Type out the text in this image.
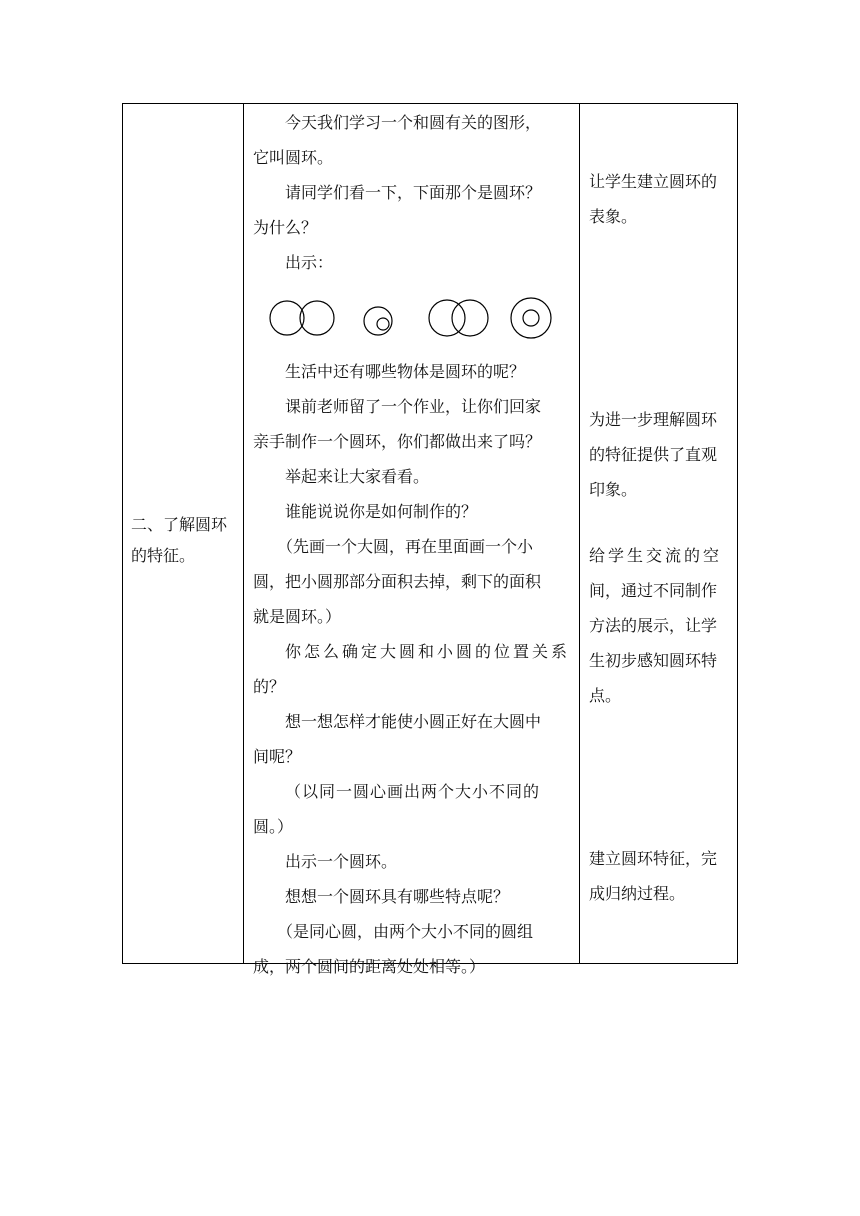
二、了解圆环
的特征。
今天我们学习一个和圆有关的图形，
它叫圆环。
请同学们看一下，下面那个是圆环？
为什么？
出示：
生活中还有哪些物体是圆环的呢？
课前老师留了一个作业，让你们回家
亲手制作一个圆环，你们都做出来了吗？
举起来让大家看看。
谁能说说你是如何制作的？
（先画一个大圆，再在里面画一个小
圆，把小圆那部分面积去掉，剩下的面积
就是圆环。）
你怎么确定大圆和小圆的位置关系
的？
想一想怎样才能使小圆正好在大圆中
间呢？
（以同一圆心画出两个大小不同的
圆。）
出示一个圆环。
想想一个圆环具有哪些特点呢？
（是同心圆，由两个大小不同的圆组
成，两个圆间的距离处处相等。）
让学生建立圆环的
表象。
为进一步理解圆环
的特征提供了直观
印象。
给学生交流的空
间，通过不同制作
方法的展示，让学
生初步感知圆环特
点。
建立圆环特征，完
成归纳过程。
